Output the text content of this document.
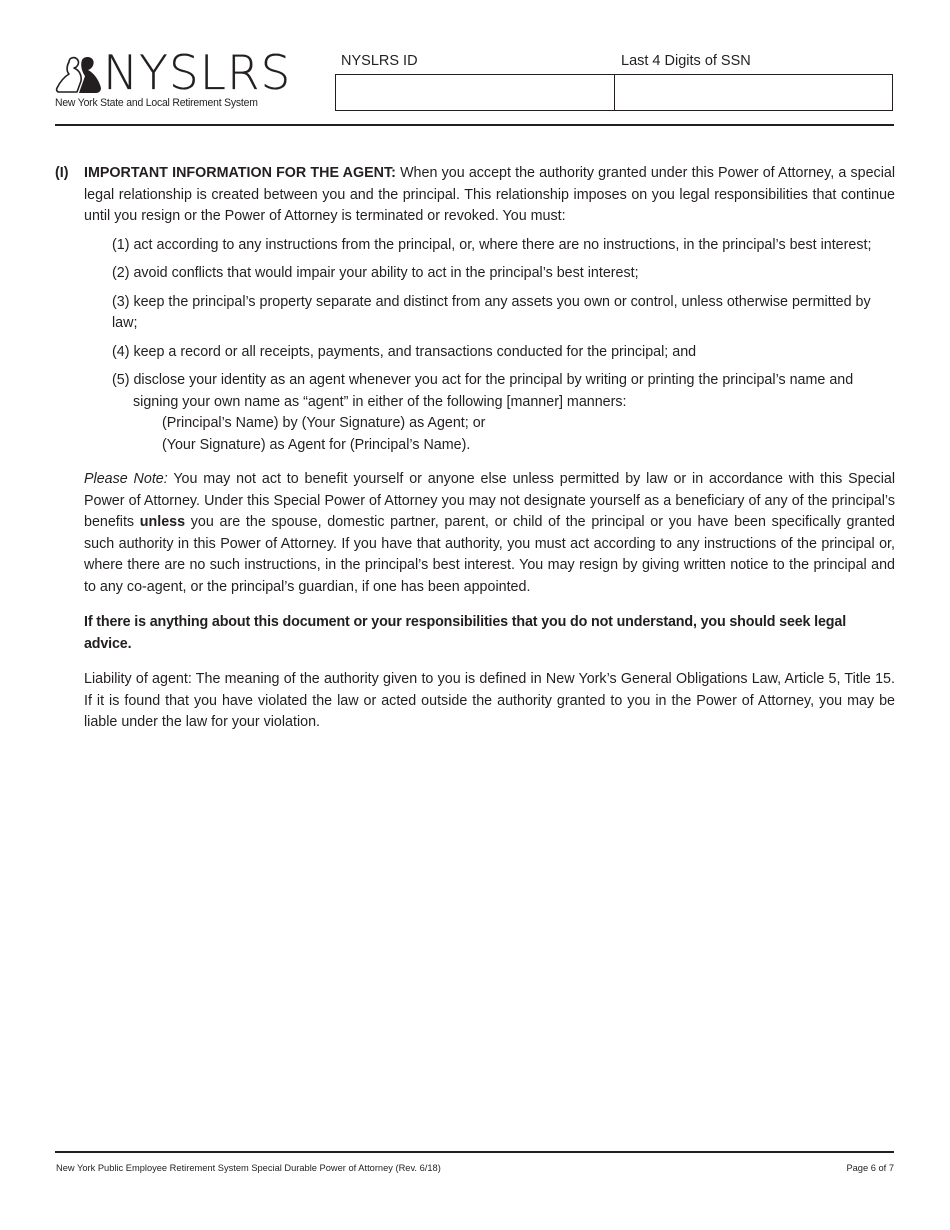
NYSLRS
New York State and Local Retirement System
NYSLRS ID	Last 4 Digits of SSN
(I) IMPORTANT INFORMATION FOR THE AGENT: When you accept the authority granted under this Power of Attorney, a special legal relationship is created between you and the principal. This relationship imposes on you legal responsibilities that continue until you resign or the Power of Attorney is terminated or revoked. You must:

(1) act according to any instructions from the principal, or, where there are no instructions, in the principal’s best interest;
(2) avoid conflicts that would impair your ability to act in the principal’s best interest;
(3) keep the principal’s property separate and distinct from any assets you own or control, unless otherwise permitted by law;
(4) keep a record or all receipts, payments, and transactions conducted for the principal; and
(5) disclose your identity as an agent whenever you act for the principal by writing or printing the principal’s name and signing your own name as “agent” in either of the following [manner] manners:
(Principal’s Name) by (Your Signature) as Agent; or
(Your Signature) as Agent for (Principal’s Name).

Please Note: You may not act to benefit yourself or anyone else unless permitted by law or in accordance with this Special Power of Attorney. Under this Special Power of Attorney you may not designate yourself as a beneficiary of any of the principal’s benefits unless you are the spouse, domestic partner, parent, or child of the principal or you have been specifically granted such authority in this Power of Attorney. If you have that authority, you must act according to any instructions of the principal or, where there are no such instructions, in the principal’s best interest. You may resign by giving written notice to the principal and to any co-agent, or the principal’s guardian, if one has been appointed.

If there is anything about this document or your responsibilities that you do not understand, you should seek legal advice.

Liability of agent: The meaning of the authority given to you is defined in New York’s General Obligations Law, Article 5, Title 15. If it is found that you have violated the law or acted outside the authority granted to you in the Power of Attorney, you may be liable under the law for your violation.

New York Public Employee Retirement System Special Durable Power of Attorney (Rev. 6/18)	Page 6 of 7
